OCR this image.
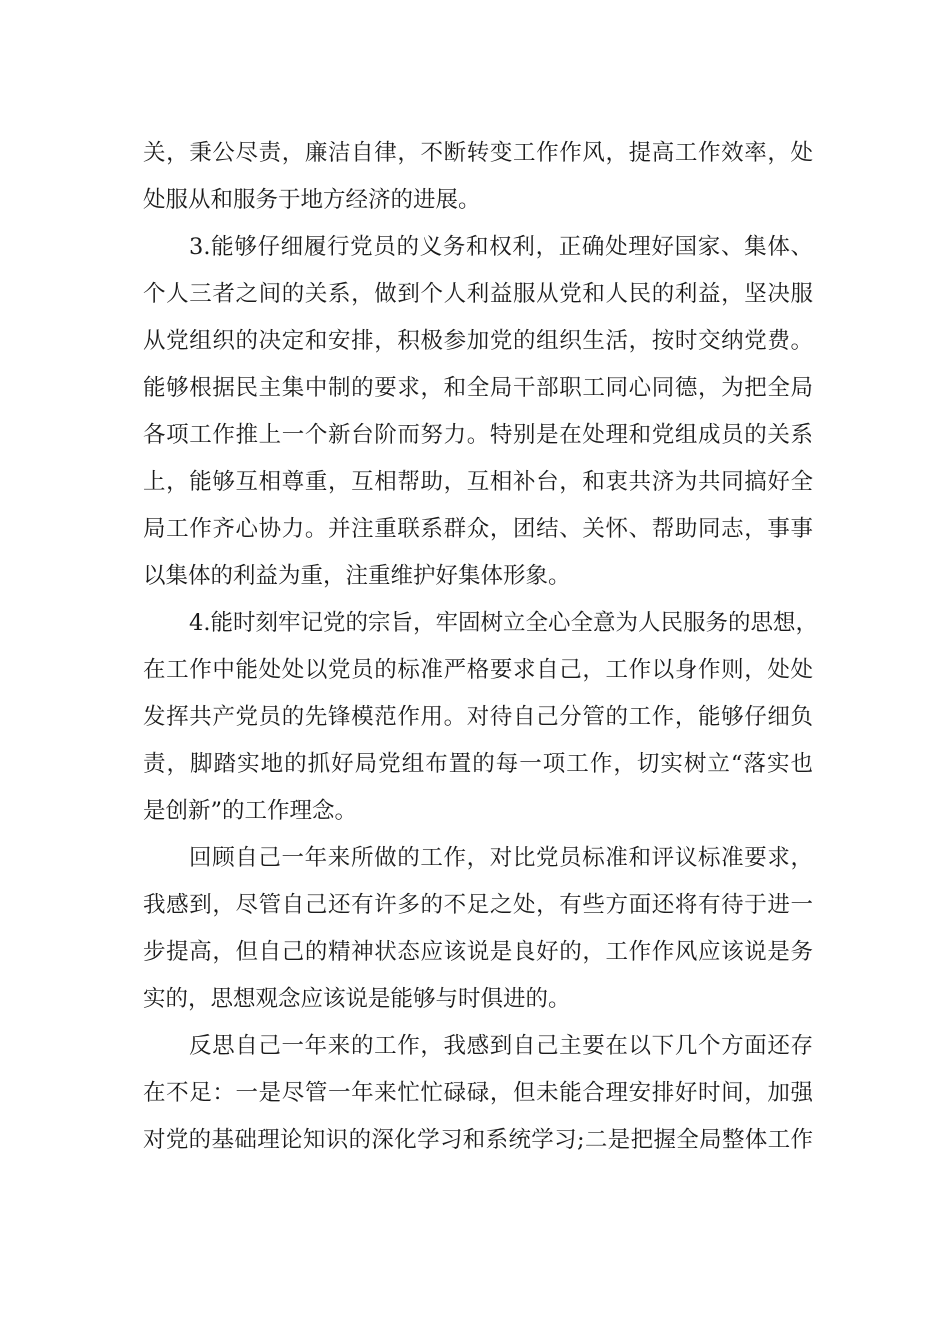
关，秉公尽责，廉洁自律，不断转变工作作风，提高工作效率，处
处服从和服务于地方经济的进展。
3.能够仔细履行党员的义务和权利，正确处理好国家、集体、
个人三者之间的关系，做到个人利益服从党和人民的利益，坚决服
从党组织的决定和安排，积极参加党的组织生活，按时交纳党费。
能够根据民主集中制的要求，和全局干部职工同心同德，为把全局
各项工作推上一个新台阶而努力。特别是在处理和党组成员的关系
上，能够互相尊重，互相帮助，互相补台，和衷共济为共同搞好全
局工作齐心协力。并注重联系群众，团结、关怀、帮助同志，事事
以集体的利益为重，注重维护好集体形象。
4.能时刻牢记党的宗旨，牢固树立全心全意为人民服务的思想，
在工作中能处处以党员的标准严格要求自己，工作以身作则，处处
发挥共产党员的先锋模范作用。对待自己分管的工作，能够仔细负
责，脚踏实地的抓好局党组布置的每一项工作，切实树立“落实也
是创新”的工作理念。
回顾自己一年来所做的工作，对比党员标准和评议标准要求，
我感到，尽管自己还有许多的不足之处，有些方面还将有待于进一
步提高，但自己的精神状态应该说是良好的，工作作风应该说是务
实的，思想观念应该说是能够与时俱进的。
反思自己一年来的工作，我感到自己主要在以下几个方面还存
在不足：一是尽管一年来忙忙碌碌，但未能合理安排好时间，加强
对党的基础理论知识的深化学习和系统学习;二是把握全局整体工作
